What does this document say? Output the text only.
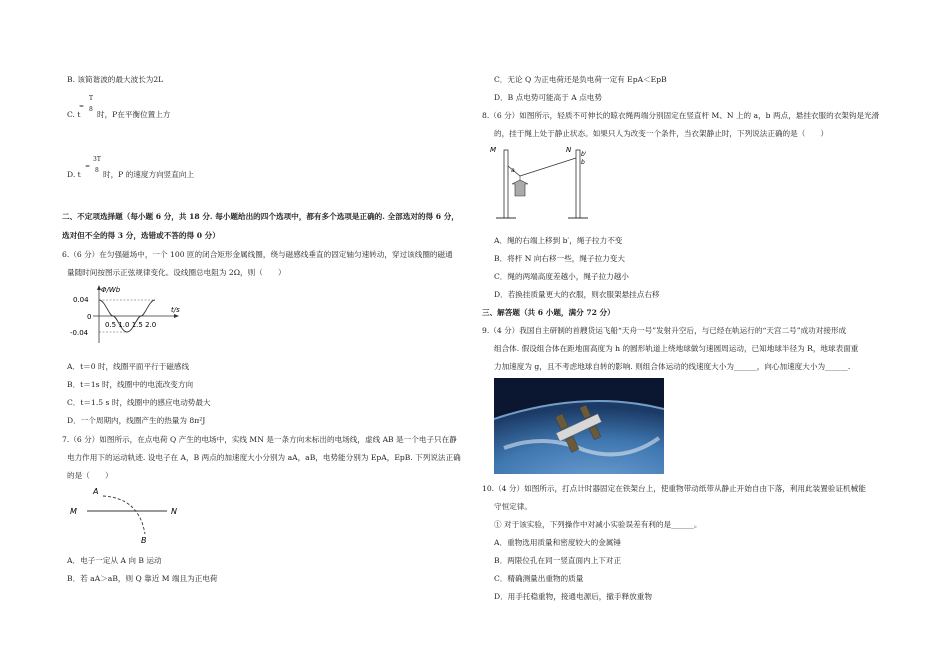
B. 该简谐波的最大波长为2L
T
= 8
C. t 时，P在平衡位置上方
3T
=
8
D. t	时，P 的速度方向竖直向上
二、不定项选择题（每小题 6 分，共 18 分. 每小题给出的四个选项中，都有多个选项是正确的. 全部选对的得 6 分，
选对但不全的得 3 分，选错或不答的得 0 分）
6.（6 分）在匀强磁场中，一个 100 匝的闭合矩形金属线圈，绕与磁感线垂直的固定轴匀速转动，穿过该线圈的磁通
量随时间按图示正弦规律变化。设线圈总电阻为 2Ω，则（　　）
Φ/Wb
t/s
0.04
0
-0.04
0.5 1.0 1.5 2.0
A．t＝0 时，线圈平面平行于磁感线
B．t＝1s 时，线圈中的电流改变方向
C．t＝1.5 s 时，线圈中的感应电动势最大
D．一个周期内，线圈产生的热量为 8π²J
7.（6 分）如图所示，在点电荷 Q 产生的电场中，实线 MN 是一条方向未标出的电场线，虚线 AB 是一个电子只在静
电力作用下的运动轨迹. 设电子在 A，B 两点的加速度大小分别为 aA，aB，电势能分别为 EpA，EpB. 下列说法正确
的是（　　）
M	N
A
B
A．电子一定从 A 向 B 运动
B．若 aA＞aB，则 Q 靠近 M 端且为正电荷
C．无论 Q 为正电荷还是负电荷一定有 EpA＜EpB
D．B 点电势可能高于 A 点电势
8.（6 分）如图所示，轻质不可伸长的晾衣绳两端分别固定在竖直杆 M、N 上的 a，b 两点，悬挂衣服的衣架钩是光滑
的，挂于绳上处于静止状态。如果只人为改变一个条件，当衣架静止时，下列说法正确的是（　　）
M	N
a
b
b'
A．绳的右端上移到 b′，绳子拉力不变
B．将杆 N 向右移一些，绳子拉力变大
C．绳的两端高度差越小，绳子拉力越小
D．若换挂质量更大的衣服，则衣服架悬挂点右移
三、解答题（共 6 小题，满分 72 分）
9.（4 分）我国自主研制的首艘货运飞船“天舟一号”发射升空后，与已经在轨运行的“天宫二号”成功对接形成
组合体. 假设组合体在距地面高度为 h 的圆形轨道上绕地球做匀速圆周运动，已知地球半径为 R，地球表面重
力加速度为 g，且不考虑地球自转的影响. 则组合体运动的线速度大小为______，向心加速度大小为______.
10.（4 分）如图所示，打点计时器固定在铁架台上，使重物带动纸带从静止开始自由下落，利用此装置验证机械能
守恒定律。
① 对于该实验，下列操作中对减小实验误差有利的是______。
A．重物选用质量和密度较大的金属锤
B．两限位孔在同一竖直面内上下对正
C．精确测量出重物的质量
D．用手托稳重物，接通电源后，撤手释放重物
